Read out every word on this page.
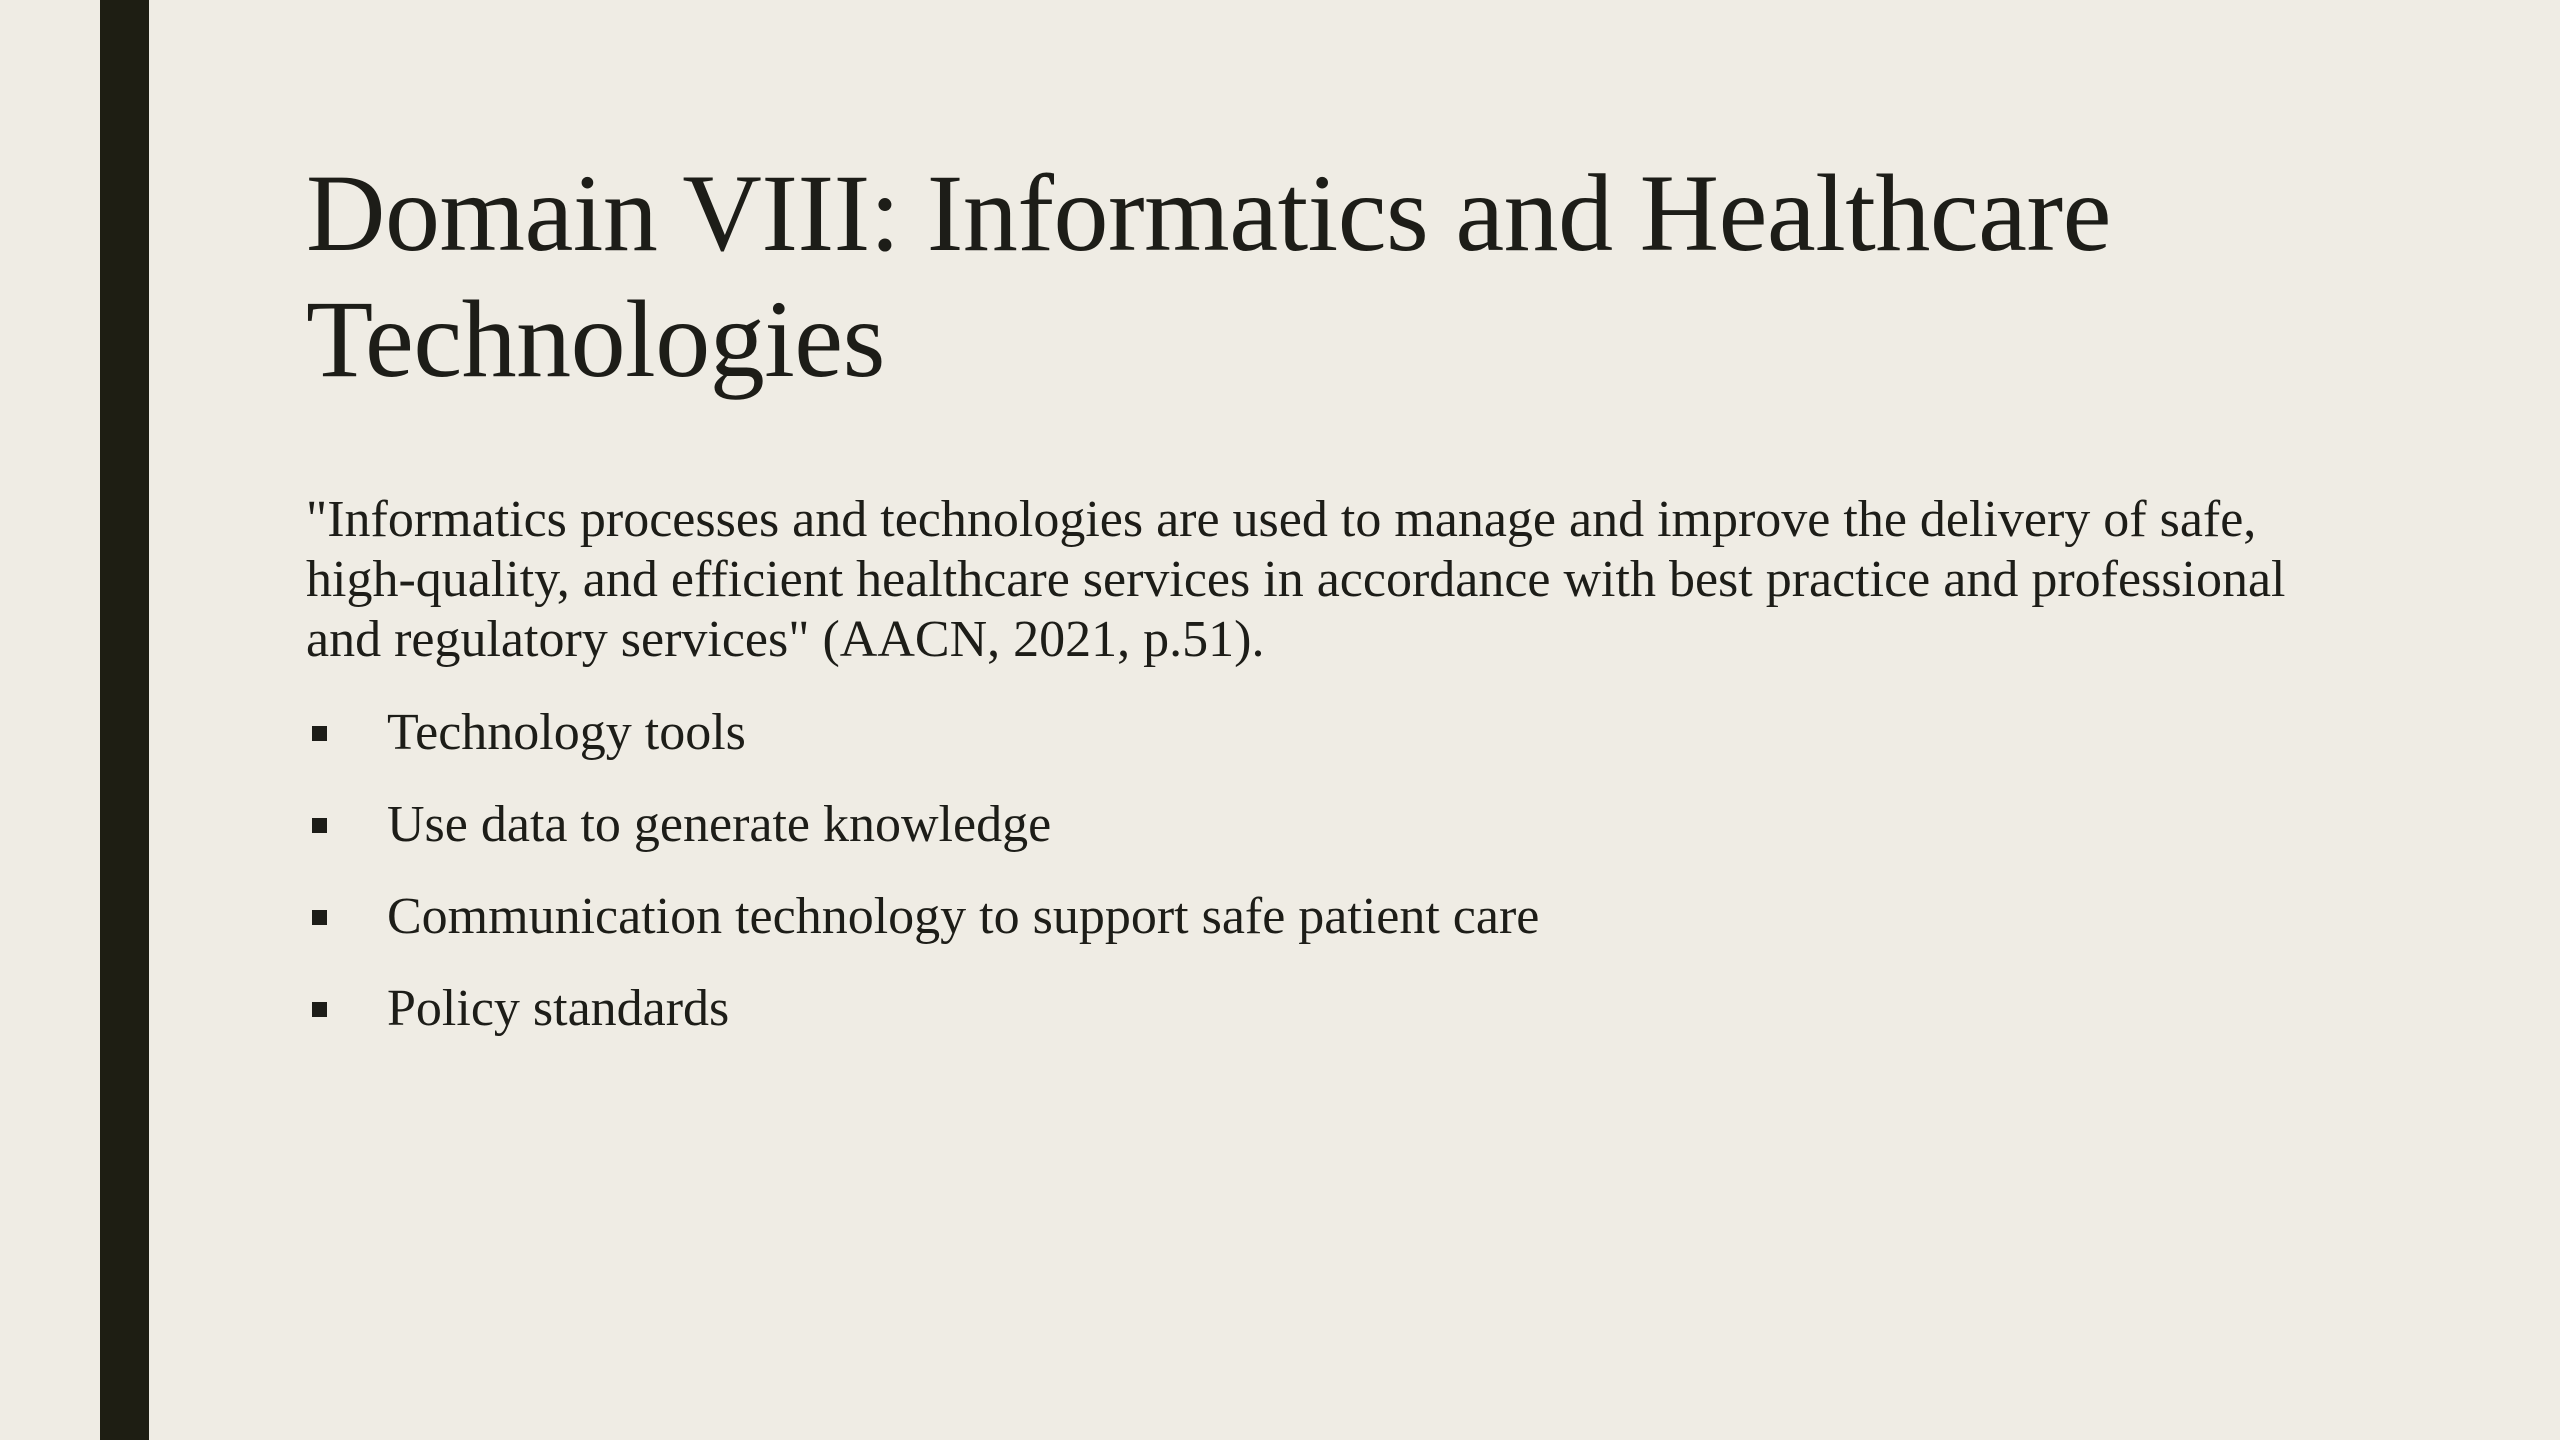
Domain VIII: Informatics and Healthcare Technologies

"Informatics processes and technologies are used to manage and improve the delivery of safe, high-quality, and efficient healthcare services in accordance with best practice and professional and regulatory services" (AACN, 2021, p.51).

Technology tools
Use data to generate knowledge
Communication technology to support safe patient care
Policy standards
